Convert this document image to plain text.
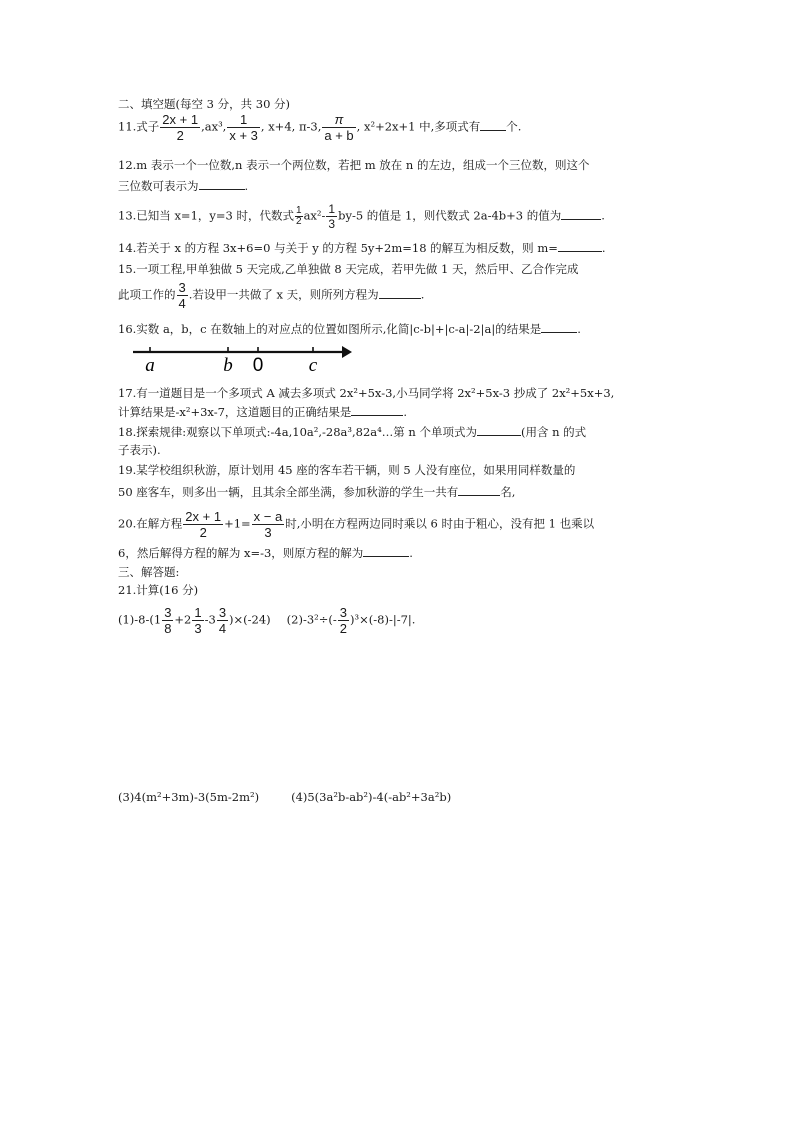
二、填空题(每空 3 分，共 30 分)
11.式子 $\frac{2x + 1}{2} ,ax^3$, $\frac{1}{x + 3}$ , x+4, π-3, $\frac{\pi}{a + b}$ , x²+2x+1 中,多项式有 个.
12.m 表示一个一位数,n 表示一个两位数，若把 m 放在 n 的左边，组成一个三位数，则这个
三位数可表示为	.
13.已知当 x=1，y=3 时，代数式 $\frac{1}{2} ax^2- \frac{1}{3} by-5$ 的值是 1，则代数式 2a-4b+3 的值为	.
14.若关于 x 的方程 3x+6=0 与关于 y 的方程 5y+2m=18 的解互为相反数，则 m=	.
15.一项工程,甲单独做 5 天完成,乙单独做 8 天完成，若甲先做 1 天，然后甲、乙合作完成
此项工作的 $\frac{3}{4}$ .若设甲一共做了 x 天，则所列方程为	.
16.实数 a，b，c 在数轴上的对应点的位置如图所示,化简|c-b|+|c-a|-2|a|的结果是	.
a	b 0 c
17.有一道题目是一个多项式 A 减去多项式 2x²+5x-3,小马同学将 2x²+5x-3 抄成了 2x²+5x+3,
计算结果是-x²+3x-7，这道题目的正确结果是	.
18.探索规律:观察以下单项式:-4a,10a²,-28a³,82a⁴…第 n 个单项式为	(用含 n 的式
子表示).
19.某学校组织秋游，原计划用 45 座的客车若干辆，则 5 人没有座位，如果用同样数量的
50 座客车，则多出一辆，且其余全部坐满，参加秋游的学生一共有	名,
20.在解方程 $\frac{2x + 1}{2} +1= \frac{x - a}{3}$ 时,小明在方程两边同时乘以 6 时由于粗心，没有把 1 也乘以
6，然后解得方程的解为 x=-3，则原方程的解为	.
三、解答题:
21.计算(16 分)
$(1)-8-(1 \frac{3}{8} +2 \frac{1}{3} -3 \frac{3}{4} )\times(-24)$ $(2)-3^2\div(- \frac{3}{2} )^3\times(-8)-|-7|$.
(3)4(m²+3m)-3(5m-2m²)	(4)5(3a²b-ab²)-4(-ab²+3a²b)
